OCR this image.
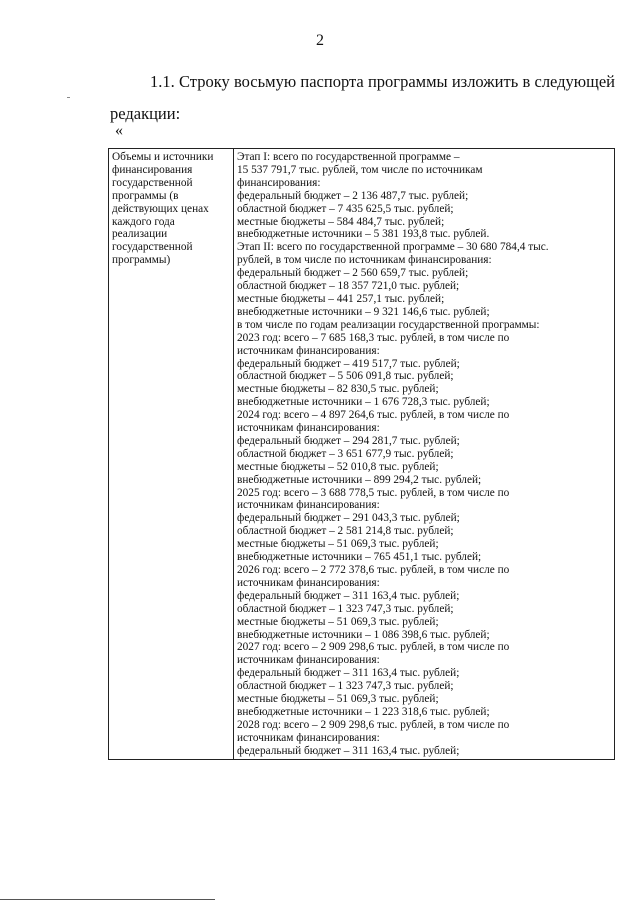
2
1.1. Строку восьмую паспорта программы изложить в следующей
редакции:
«
Объемы и источники финансирования государственной программы (в действующих ценах каждого года реализации государственной программы)	
Этап I: всего по государственной программе –
15 537 791,7 тыс. рублей, том числе по источникам
финансирования:
федеральный бюджет – 2 136 487,7 тыс. рублей;
областной бюджет – 7 435 625,5 тыс. рублей;
местные бюджеты – 584 484,7 тыс. рублей;
внебюджетные источники – 5 381 193,8 тыс. рублей.
Этап II: всего по государственной программе – 30 680 784,4 тыс.
рублей, в том числе по источникам финансирования:
федеральный бюджет – 2 560 659,7 тыс. рублей;
областной бюджет – 18 357 721,0 тыс. рублей;
местные бюджеты – 441 257,1 тыс. рублей;
внебюджетные источники – 9 321 146,6 тыс. рублей;
в том числе по годам реализации государственной программы:
2023 год: всего – 7 685 168,3 тыс. рублей, в том числе по
источникам финансирования:
федеральный бюджет – 419 517,7 тыс. рублей;
областной бюджет – 5 506 091,8 тыс. рублей;
местные бюджеты – 82 830,5 тыс. рублей;
внебюджетные источники – 1 676 728,3 тыс. рублей;
2024 год: всего – 4 897 264,6 тыс. рублей, в том числе по
источникам финансирования:
федеральный бюджет – 294 281,7 тыс. рублей;
областной бюджет – 3 651 677,9 тыс. рублей;
местные бюджеты – 52 010,8 тыс. рублей;
внебюджетные источники – 899 294,2 тыс. рублей;
2025 год: всего – 3 688 778,5 тыс. рублей, в том числе по
источникам финансирования:
федеральный бюджет – 291 043,3 тыс. рублей;
областной бюджет – 2 581 214,8 тыс. рублей;
местные бюджеты – 51 069,3 тыс. рублей;
внебюджетные источники – 765 451,1 тыс. рублей;
2026 год: всего – 2 772 378,6 тыс. рублей, в том числе по
источникам финансирования:
федеральный бюджет – 311 163,4 тыс. рублей;
областной бюджет – 1 323 747,3 тыс. рублей;
местные бюджеты – 51 069,3 тыс. рублей;
внебюджетные источники – 1 086 398,6 тыс. рублей;
2027 год: всего – 2 909 298,6 тыс. рублей, в том числе по
источникам финансирования:
федеральный бюджет – 311 163,4 тыс. рублей;
областной бюджет – 1 323 747,3 тыс. рублей;
местные бюджеты – 51 069,3 тыс. рублей;
внебюджетные источники – 1 223 318,6 тыс. рублей;
2028 год: всего – 2 909 298,6 тыс. рублей, в том числе по
источникам финансирования:
федеральный бюджет – 311 163,4 тыс. рублей;
